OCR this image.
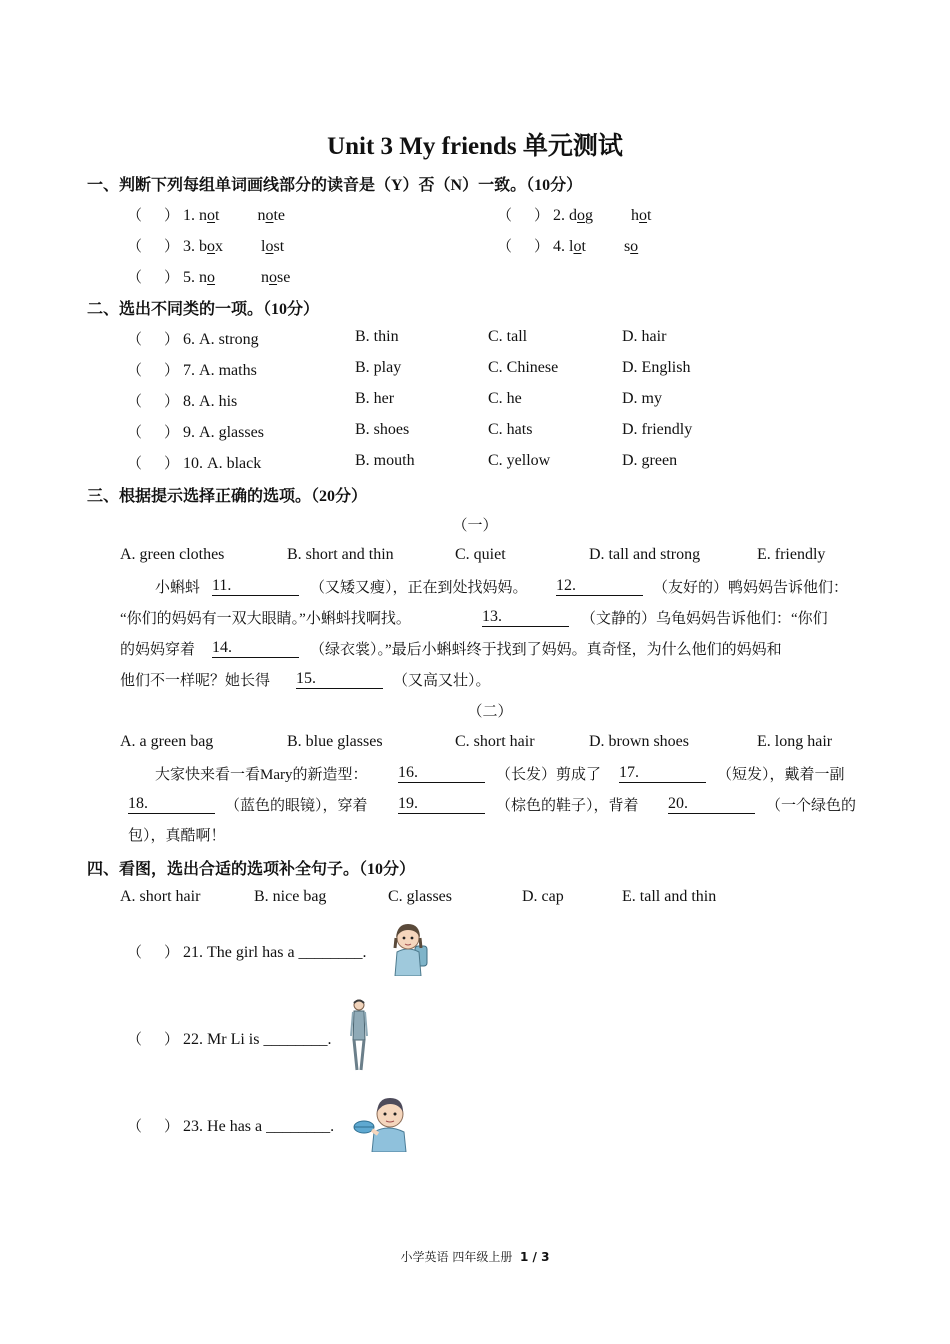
Unit 3 My friends 单元测试
一、判断下列每组单词画线部分的读音是（Y）否（N）一致。（10分）
（ ） 1. not note	（ ） 2. dog hot
（ ） 3. box lost	（ ） 4. lot so
（ ） 5. no	nose
二、选出不同类的一项。（10分）
（ ） 6. A. strong	B. thin	C. tall	D. hair
（ ） 7. A. maths	B. play	C. Chinese	D. English
（ ） 8. A. his	B. her	C. he	D. my
（ ） 9. A. glasses	B. shoes	C. hats	D. friendly
（ ） 10. A. black	B. mouth	C. yellow	D. green
三、根据提示选择正确的选项。（20分）
（一）
A. green clothes	B. short and thin	C. quiet	D. tall and strong	E. friendly
小蝌蚪 11.	（又矮又瘦），正在到处找妈妈。 12.	（友好的）鸭妈妈告诉他们：
“你们的妈妈有一双大眼睛。”小蝌蚪找啊找。	13.	（文静的）乌龟妈妈告诉他们：“你们
的妈妈穿着 14.	（绿衣裳）。”最后小蝌蚪终于找到了妈妈。真奇怪，为什么他们的妈妈和
他们不一样呢？她长得 15.	（又高又壮）。
（二）
A. a green bag	B. blue glasses	C. short hair	D. brown shoes	E. long hair
大家快来看一看Mary的新造型： 16.	（长发）剪成了 17.	（短发），戴着一副
18.	（蓝色的眼镜），穿着 19.	（棕色的鞋子），背着 20.	（一个绿色的
包），真酷啊！
四、看图，选出合适的选项补全句子。（10分）
A. short hair	B. nice bag	C. glasses	D. cap	E. tall and thin
（ ） 21. The girl has a ________.
（ ） 22. Mr Li is ________.
（ ） 23. He has a ________.
小学英语 四年级上册 1 / 3
